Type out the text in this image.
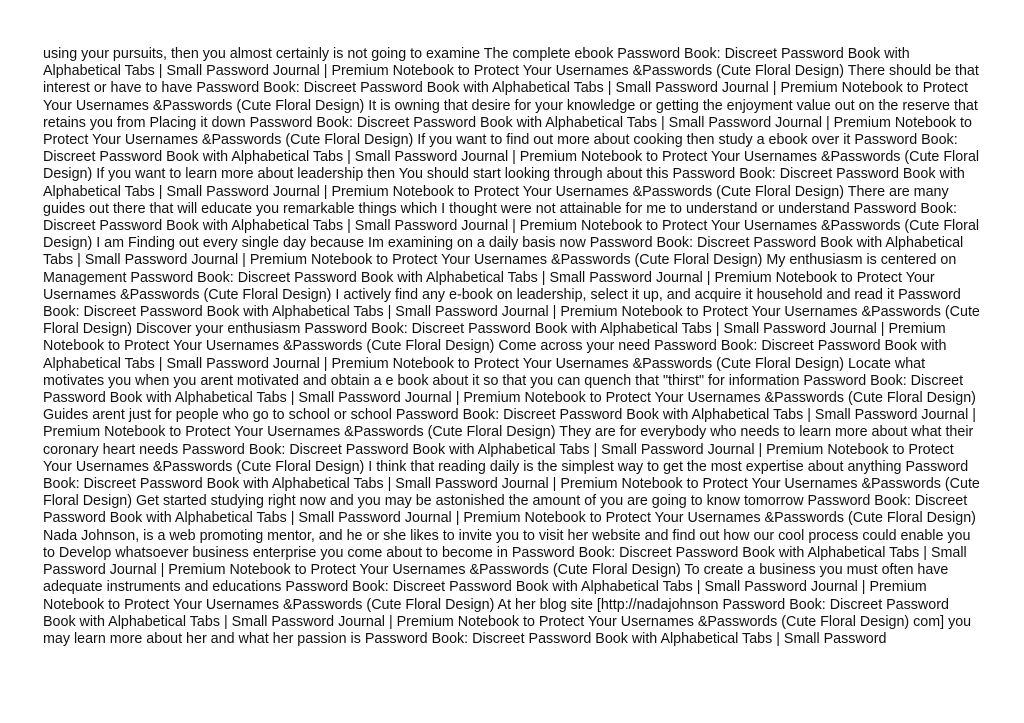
using your pursuits, then you almost certainly is not going to examine The complete ebook Password Book: Discreet Password Book with Alphabetical Tabs | Small Password Journal | Premium Notebook to Protect Your Usernames &Passwords (Cute Floral Design) There should be that interest or have to have Password Book: Discreet Password Book with Alphabetical Tabs | Small Password Journal | Premium Notebook to Protect Your Usernames &Passwords (Cute Floral Design) It is owning that desire for your knowledge or getting the enjoyment value out on the reserve that retains you from Placing it down Password Book: Discreet Password Book with Alphabetical Tabs | Small Password Journal | Premium Notebook to Protect Your Usernames &Passwords (Cute Floral Design) If you want to find out more about cooking then study a ebook over it Password Book: Discreet Password Book with Alphabetical Tabs | Small Password Journal | Premium Notebook to Protect Your Usernames &Passwords (Cute Floral Design) If you want to learn more about leadership then You should start looking through about this Password Book: Discreet Password Book with Alphabetical Tabs | Small Password Journal | Premium Notebook to Protect Your Usernames &Passwords (Cute Floral Design) There are many guides out there that will educate you remarkable things which I thought were not attainable for me to understand or understand Password Book: Discreet Password Book with Alphabetical Tabs | Small Password Journal | Premium Notebook to Protect Your Usernames &Passwords (Cute Floral Design) I am Finding out every single day because Im examining on a daily basis now Password Book: Discreet Password Book with Alphabetical Tabs | Small Password Journal | Premium Notebook to Protect Your Usernames &Passwords (Cute Floral Design) My enthusiasm is centered on Management Password Book: Discreet Password Book with Alphabetical Tabs | Small Password Journal | Premium Notebook to Protect Your Usernames &Passwords (Cute Floral Design) I actively find any e-book on leadership, select it up, and acquire it household and read it Password Book: Discreet Password Book with Alphabetical Tabs | Small Password Journal | Premium Notebook to Protect Your Usernames &Passwords (Cute Floral Design) Discover your enthusiasm Password Book: Discreet Password Book with Alphabetical Tabs | Small Password Journal | Premium Notebook to Protect Your Usernames &Passwords (Cute Floral Design) Come across your need Password Book: Discreet Password Book with Alphabetical Tabs | Small Password Journal | Premium Notebook to Protect Your Usernames &Passwords (Cute Floral Design) Locate what motivates you when you arent motivated and obtain a e book about it so that you can quench that "thirst" for information Password Book: Discreet Password Book with Alphabetical Tabs | Small Password Journal | Premium Notebook to Protect Your Usernames &Passwords (Cute Floral Design) Guides arent just for people who go to school or school Password Book: Discreet Password Book with Alphabetical Tabs | Small Password Journal | Premium Notebook to Protect Your Usernames &Passwords (Cute Floral Design) They are for everybody who needs to learn more about what their coronary heart needs Password Book: Discreet Password Book with Alphabetical Tabs | Small Password Journal | Premium Notebook to Protect Your Usernames &Passwords (Cute Floral Design) I think that reading daily is the simplest way to get the most expertise about anything Password Book: Discreet Password Book with Alphabetical Tabs | Small Password Journal | Premium Notebook to Protect Your Usernames &Passwords (Cute Floral Design) Get started studying right now and you may be astonished the amount of you are going to know tomorrow Password Book: Discreet Password Book with Alphabetical Tabs | Small Password Journal | Premium Notebook to Protect Your Usernames &Passwords (Cute Floral Design) Nada Johnson, is a web promoting mentor, and he or she likes to invite you to visit her website and find out how our cool process could enable you to Develop whatsoever business enterprise you come about to become in Password Book: Discreet Password Book with Alphabetical Tabs | Small Password Journal | Premium Notebook to Protect Your Usernames &Passwords (Cute Floral Design) To create a business you must often have adequate instruments and educations Password Book: Discreet Password Book with Alphabetical Tabs | Small Password Journal | Premium Notebook to Protect Your Usernames &Passwords (Cute Floral Design) At her blog site [http://nadajohnson Password Book: Discreet Password Book with Alphabetical Tabs | Small Password Journal | Premium Notebook to Protect Your Usernames &Passwords (Cute Floral Design) com] you may learn more about her and what her passion is Password Book: Discreet Password Book with Alphabetical Tabs | Small Password
